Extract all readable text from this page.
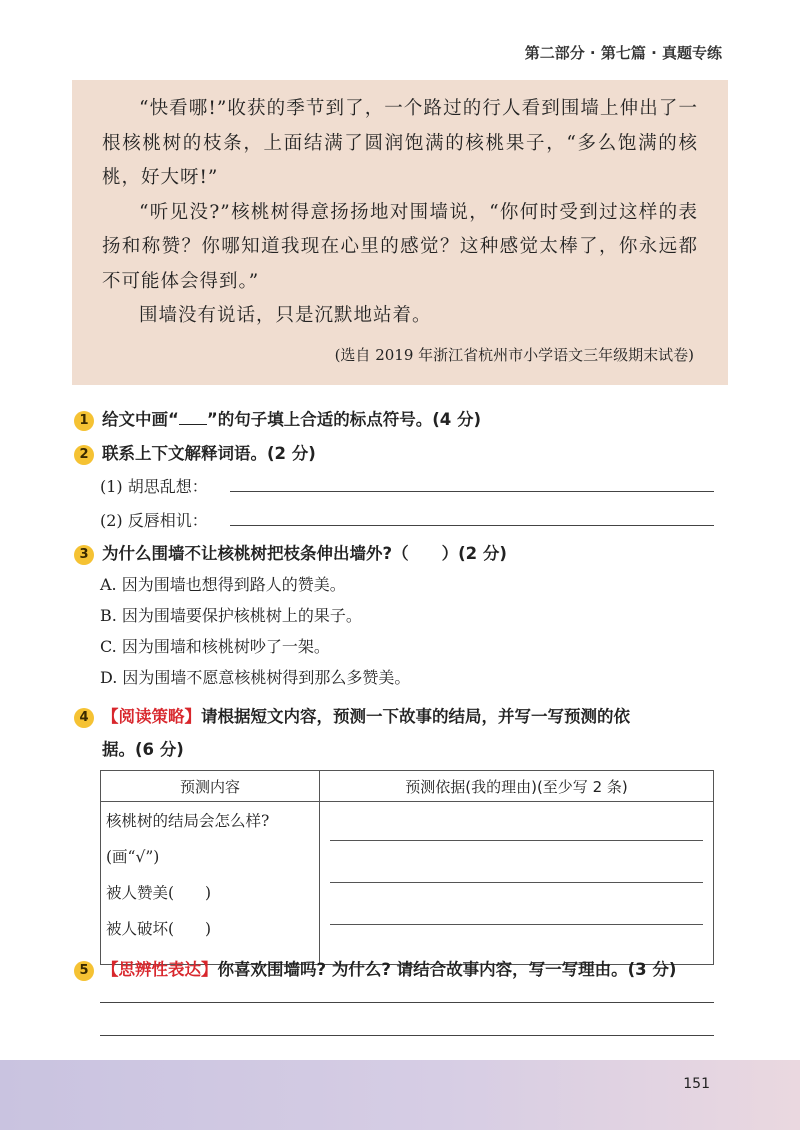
第二部分 · 第七篇 · 真题专练

“快看哪!”收获的季节到了，一个路过的行人看到围墙上伸出了一根核桃树的枝条，上面结满了圆润饱满的核桃果子，“多么饱满的核桃，好大呀!”

“听见没?”核桃树得意扬扬地对围墙说，“你何时受到过这样的表扬和称赞？你哪知道我现在心里的感觉？这种感觉太棒了，你永远都不可能体会得到。”

围墙没有说话，只是沉默地站着。

(选自 2019 年浙江省杭州市小学语文三年级期末试卷)
1 给文中画“ ”的句子填上合适的标点符号。(4 分)
2 联系上下文解释词语。(2 分)
(1) 胡思乱想：
(2) 反唇相讥：
3 为什么围墙不让核桃树把枝条伸出墙外?（　　）(2 分)
A. 因为围墙也想得到路人的赞美。
B. 因为围墙要保护核桃树上的果子。
C. 因为围墙和核桃树吵了一架。
D. 因为围墙不愿意核桃树得到那么多赞美。
4 【阅读策略】请根据短文内容，预测一下故事的结局，并写一写预测的依
据。(6 分)
预测内容	预测依据(我的理由)(至少写 2 条)

核桃树的结局会怎么样?
(画“√”)
被人赞美(　　)
被人破坏(　　)	

5 【思辨性表达】你喜欢围墙吗? 为什么? 请结合故事内容，写一写理由。(3 分)
151
